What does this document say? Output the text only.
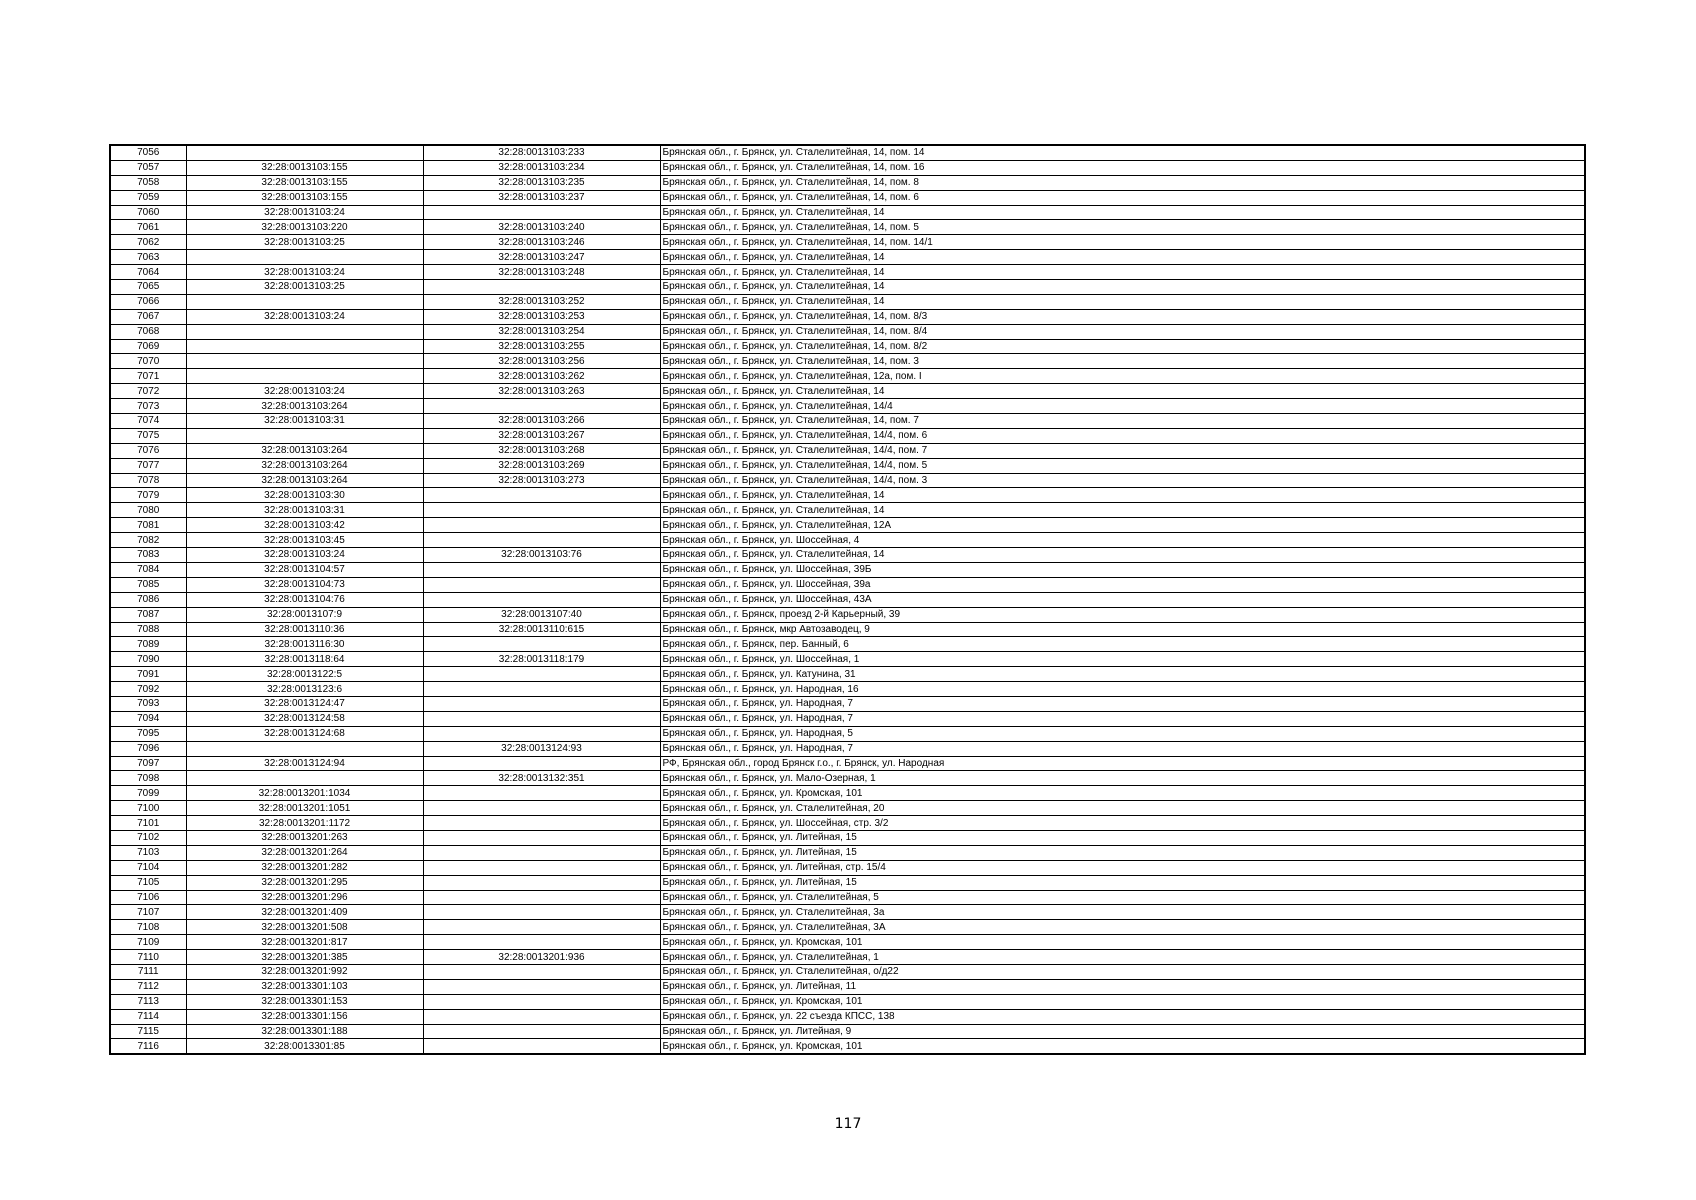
7056		32:28:0013103:233	Брянская обл., г. Брянск, ул. Сталелитейная, 14, пом. 14
7057	32:28:0013103:155	32:28:0013103:234	Брянская обл., г. Брянск, ул. Сталелитейная, 14, пом. 16
7058	32:28:0013103:155	32:28:0013103:235	Брянская обл., г. Брянск, ул. Сталелитейная, 14, пом. 8
7059	32:28:0013103:155	32:28:0013103:237	Брянская обл., г. Брянск, ул. Сталелитейная, 14, пом. 6
7060	32:28:0013103:24		Брянская обл., г. Брянск, ул. Сталелитейная, 14
7061	32:28:0013103:220	32:28:0013103:240	Брянская обл., г. Брянск, ул. Сталелитейная, 14, пом. 5
7062	32:28:0013103:25	32:28:0013103:246	Брянская обл., г. Брянск, ул. Сталелитейная, 14, пом. 14/1
7063		32:28:0013103:247	Брянская обл., г. Брянск, ул. Сталелитейная, 14
7064	32:28:0013103:24	32:28:0013103:248	Брянская обл., г. Брянск, ул. Сталелитейная, 14
7065	32:28:0013103:25		Брянская обл., г. Брянск, ул. Сталелитейная, 14
7066		32:28:0013103:252	Брянская обл., г. Брянск, ул. Сталелитейная, 14
7067	32:28:0013103:24	32:28:0013103:253	Брянская обл., г. Брянск, ул. Сталелитейная, 14, пом. 8/3
7068		32:28:0013103:254	Брянская обл., г. Брянск, ул. Сталелитейная, 14, пом. 8/4
7069		32:28:0013103:255	Брянская обл., г. Брянск, ул. Сталелитейная, 14, пом. 8/2
7070		32:28:0013103:256	Брянская обл., г. Брянск, ул. Сталелитейная, 14, пом. 3
7071		32:28:0013103:262	Брянская обл., г. Брянск, ул. Сталелитейная, 12а, пом. I
7072	32:28:0013103:24	32:28:0013103:263	Брянская обл., г. Брянск, ул. Сталелитейная, 14
7073	32:28:0013103:264		Брянская обл., г. Брянск, ул. Сталелитейная, 14/4
7074	32:28:0013103:31	32:28:0013103:266	Брянская обл., г. Брянск, ул. Сталелитейная, 14, пом. 7
7075		32:28:0013103:267	Брянская обл., г. Брянск, ул. Сталелитейная, 14/4, пом. 6
7076	32:28:0013103:264	32:28:0013103:268	Брянская обл., г. Брянск, ул. Сталелитейная, 14/4, пом. 7
7077	32:28:0013103:264	32:28:0013103:269	Брянская обл., г. Брянск, ул. Сталелитейная, 14/4, пом. 5
7078	32:28:0013103:264	32:28:0013103:273	Брянская обл., г. Брянск, ул. Сталелитейная, 14/4, пом. 3
7079	32:28:0013103:30		Брянская обл., г. Брянск, ул. Сталелитейная, 14
7080	32:28:0013103:31		Брянская обл., г. Брянск, ул. Сталелитейная, 14
7081	32:28:0013103:42		Брянская обл., г. Брянск, ул. Сталелитейная, 12А
7082	32:28:0013103:45		Брянская обл., г. Брянск, ул. Шоссейная, 4
7083	32:28:0013103:24	32:28:0013103:76	Брянская обл., г. Брянск, ул. Сталелитейная, 14
7084	32:28:0013104:57		Брянская обл., г. Брянск, ул. Шоссейная, 39Б
7085	32:28:0013104:73		Брянская обл., г. Брянск, ул. Шоссейная, 39а
7086	32:28:0013104:76		Брянская обл., г. Брянск, ул. Шоссейная, 43А
7087	32:28:0013107:9	32:28:0013107:40	Брянская обл., г. Брянск, проезд 2-й Карьерный, 39
7088	32:28:0013110:36	32:28:0013110:615	Брянская обл., г. Брянск, мкр Автозаводец, 9
7089	32:28:0013116:30		Брянская обл., г. Брянск, пер. Банный, 6
7090	32:28:0013118:64	32:28:0013118:179	Брянская обл., г. Брянск, ул. Шоссейная, 1
7091	32:28:0013122:5		Брянская обл., г. Брянск, ул. Катунина, 31
7092	32:28:0013123:6		Брянская обл., г. Брянск, ул. Народная, 16
7093	32:28:0013124:47		Брянская обл., г. Брянск, ул. Народная, 7
7094	32:28:0013124:58		Брянская обл., г. Брянск, ул. Народная, 7
7095	32:28:0013124:68		Брянская обл., г. Брянск, ул. Народная, 5
7096		32:28:0013124:93	Брянская обл., г. Брянск, ул. Народная, 7
7097	32:28:0013124:94		РФ, Брянская обл., город Брянск г.о., г. Брянск, ул. Народная
7098		32:28:0013132:351	Брянская обл., г. Брянск, ул. Мало-Озерная, 1
7099	32:28:0013201:1034		Брянская обл., г. Брянск, ул. Кромская, 101
7100	32:28:0013201:1051		Брянская обл., г. Брянск, ул. Сталелитейная, 20
7101	32:28:0013201:1172		Брянская обл., г. Брянск, ул. Шоссейная, стр. 3/2
7102	32:28:0013201:263		Брянская обл., г. Брянск, ул. Литейная, 15
7103	32:28:0013201:264		Брянская обл., г. Брянск, ул. Литейная, 15
7104	32:28:0013201:282		Брянская обл., г. Брянск, ул. Литейная, стр. 15/4
7105	32:28:0013201:295		Брянская обл., г. Брянск, ул. Литейная, 15
7106	32:28:0013201:296		Брянская обл., г. Брянск, ул. Сталелитейная, 5
7107	32:28:0013201:409		Брянская обл., г. Брянск, ул. Сталелитейная, 3а
7108	32:28:0013201:508		Брянская обл., г. Брянск, ул. Сталелитейная, 3А
7109	32:28:0013201:817		Брянская обл., г. Брянск, ул. Кромская, 101
7110	32:28:0013201:385	32:28:0013201:936	Брянская обл., г. Брянск, ул. Сталелитейная, 1
7111	32:28:0013201:992		Брянская обл., г. Брянск, ул. Сталелитейная, о/д22
7112	32:28:0013301:103		Брянская обл., г. Брянск, ул. Литейная, 11
7113	32:28:0013301:153		Брянская обл., г. Брянск, ул. Кромская, 101
7114	32:28:0013301:156		Брянская обл., г. Брянск, ул. 22 съезда КПСС, 138
7115	32:28:0013301:188		Брянская обл., г. Брянск, ул. Литейная, 9
7116	32:28:0013301:85		Брянская обл., г. Брянск, ул. Кромская, 101
117
